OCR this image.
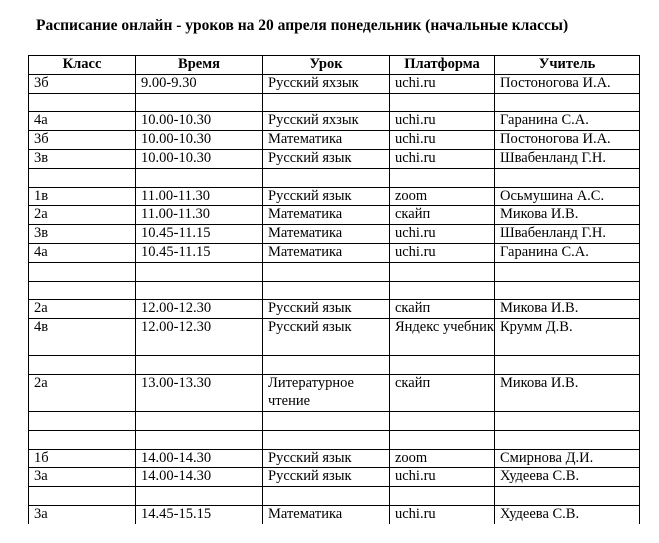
Расписание онлайн - уроков на 20 апреля понедельник (начальные классы)
Класс	Время	Урок	Платформа	Учитель
3б	9.00-9.30	Русский яхзык	uchi.ru	Постоногова И.А.

4а	10.00-10.30	Русский яхзык	uchi.ru	Гаранина С.А.
3б	10.00-10.30	Математика	uchi.ru	Постоногова И.А.
3в	10.00-10.30	Русский язык	uchi.ru	Швабенланд Г.Н.

1в	11.00-11.30	Русский язык	zoom	Осьмушина А.С.
2а	11.00-11.30	Математика	скайп	Микова И.В.
3в	10.45-11.15	Математика	uchi.ru	Швабенланд Г.Н.
4а	10.45-11.15	Математика	uchi.ru	Гаранина С.А.

2а	12.00-12.30	Русский язык	скайп	Микова И.В.
4в	12.00-12.30	Русский язык	Яндекс учебник	Крумм Д.В.

2а	13.00-13.30	Литературное чтение	скайп	Микова И.В.

1б	14.00-14.30	Русский язык	zoom	Смирнова Д.И.
3а	14.00-14.30	Русский язык	uchi.ru	Худеева С.В.

3а	14.45-15.15	Математика	uchi.ru	Худеева С.В.
